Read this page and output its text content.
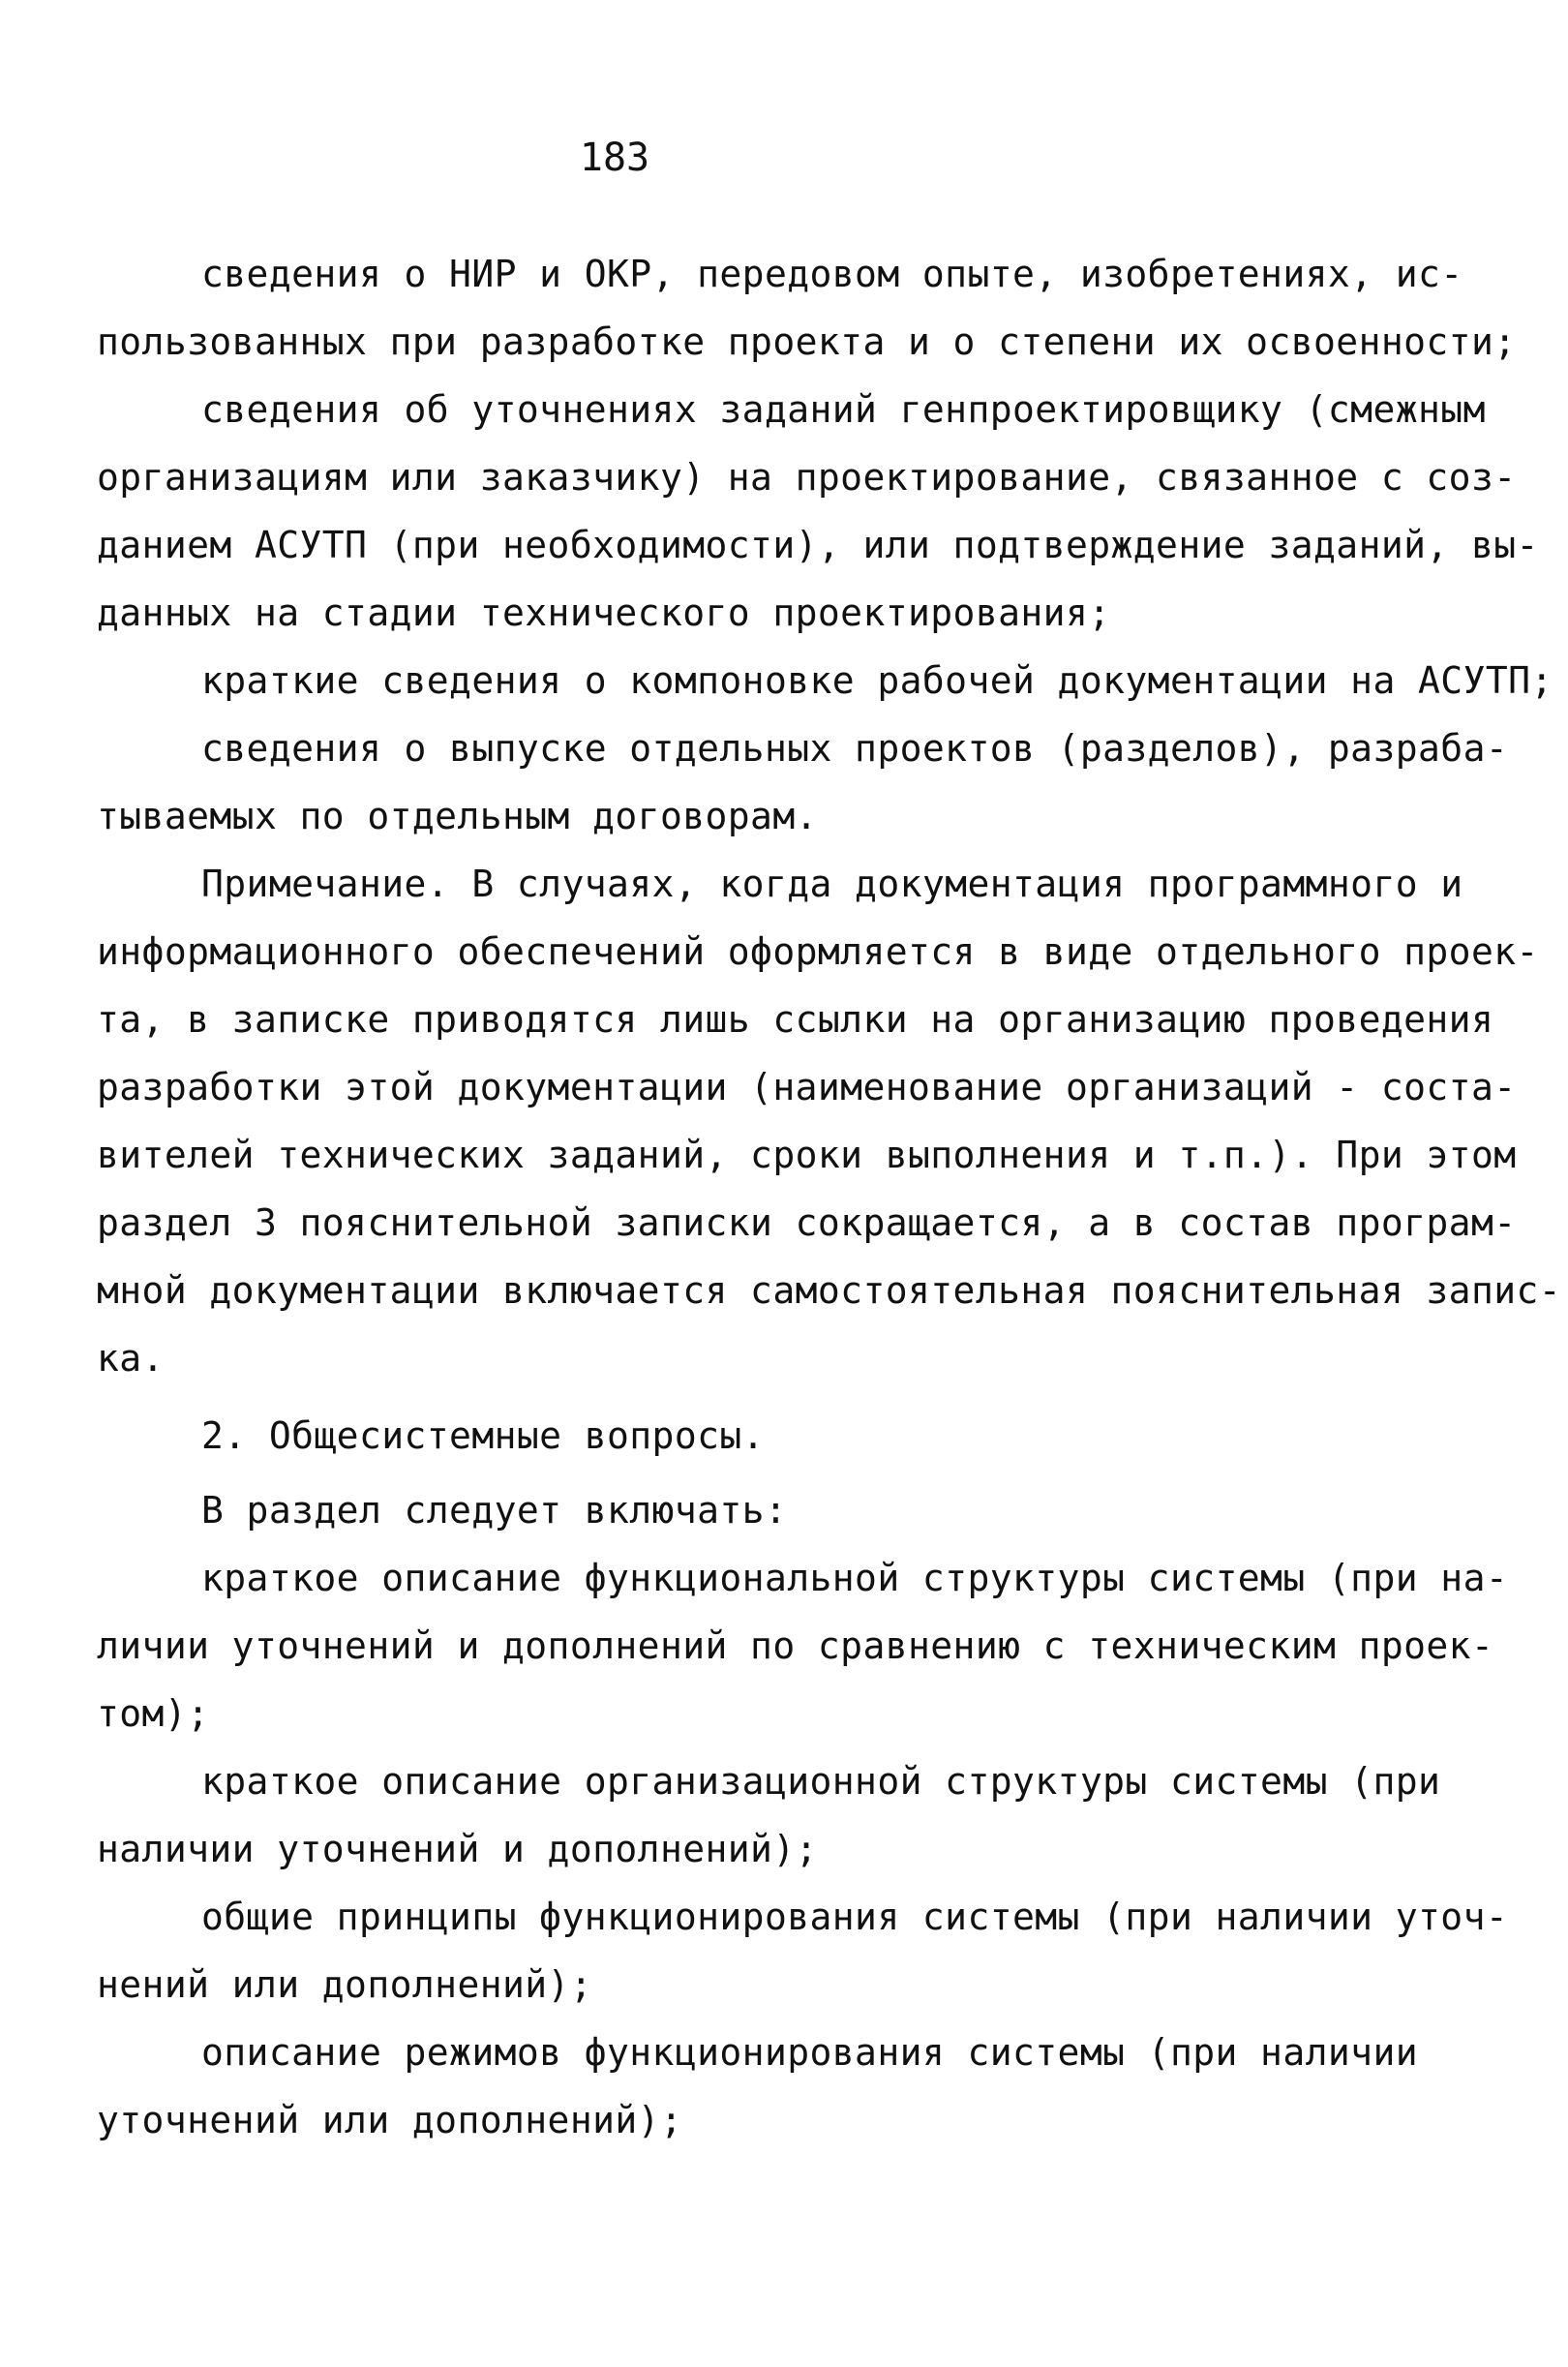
183
сведения о НИР и ОКР, передовом опыте, изобретениях, ис-
пользованных при разработке проекта и о степени их освоенности;
сведения об уточнениях заданий генпроектировщику (смежным
организациям или заказчику) на проектирование, связанное с соз-
данием АСУТП (при необходимости), или подтверждение заданий, вы-
данных на стадии технического проектирования;
краткие сведения о компоновке рабочей документации на АСУТП;
сведения о выпуске отдельных проектов (разделов), разраба-
тываемых по отдельным договорам.
Примечание. В случаях, когда документация программного и
информационного обеспечений оформляется в виде отдельного проек-
та, в записке приводятся лишь ссылки на организацию проведения
разработки этой документации (наименование организаций - соста-
вителей технических заданий, сроки выполнения и т.п.). При этом
раздел 3 пояснительной записки сокращается, а в состав програм-
мной документации включается самостоятельная пояснительная запис-
ка.
2. Общесистемные вопросы.
В раздел следует включать:
краткое описание функциональной структуры системы (при на-
личии уточнений и дополнений по сравнению с техническим проек-
том);
краткое описание организационной структуры системы (при
наличии уточнений и дополнений);
общие принципы функционирования системы (при наличии уточ-
нений или дополнений);
описание режимов функционирования системы (при наличии
уточнений или дополнений);
